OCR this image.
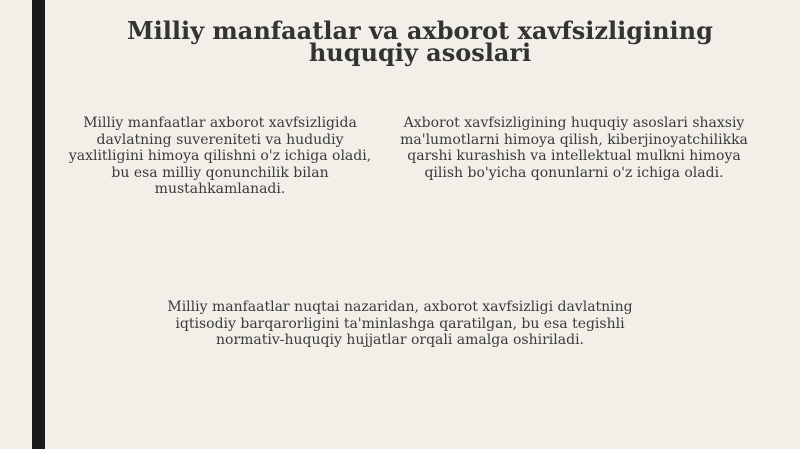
Milliy manfaatlar va axborot xavfsizligining huquqiy asoslari

Milliy manfaatlar axborot xavfsizligida davlatning suvereniteti va hududiy yaxlitligini himoya qilishni o'z ichiga oladi, bu esa milliy qonunchilik bilan mustahkamlanadi.

Axborot xavfsizligining huquqiy asoslari shaxsiy ma'lumotlarni himoya qilish, kiberjinoyatchilikka qarshi kurashish va intellektual mulkni himoya qilish bo'yicha qonunlarni o'z ichiga oladi.

Milliy manfaatlar nuqtai nazaridan, axborot xavfsizligi davlatning iqtisodiy barqarorligini ta'minlashga qaratilgan, bu esa tegishli normativ-huquqiy hujjatlar orqali amalga oshiriladi.
